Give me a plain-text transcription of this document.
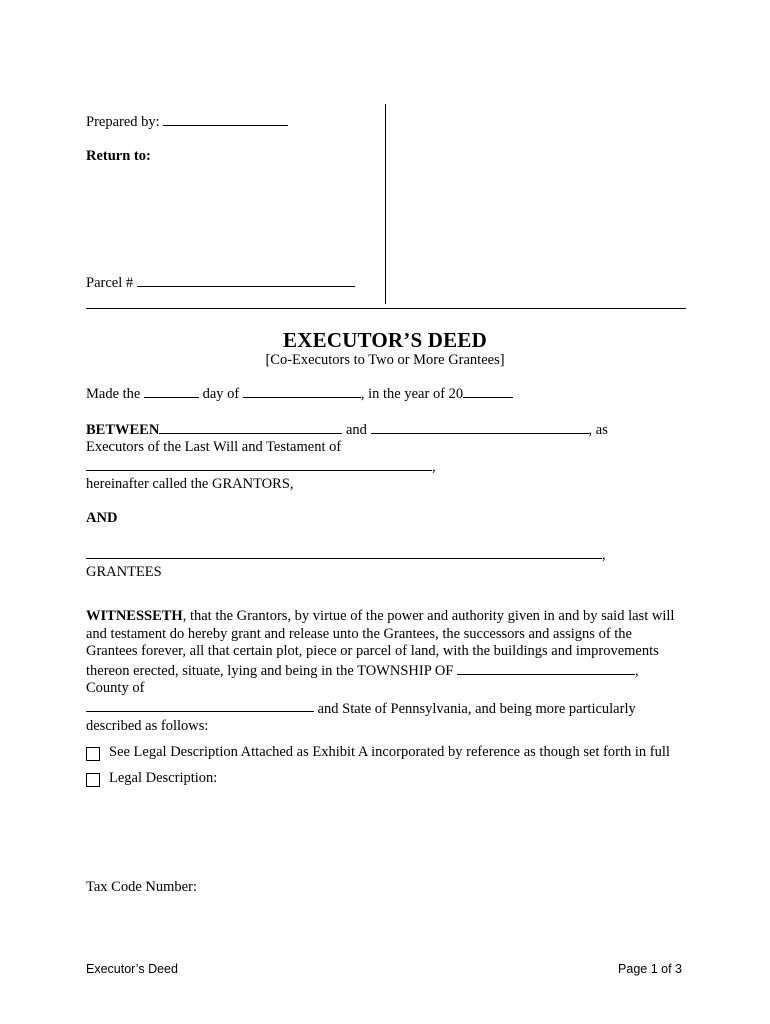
Prepared by:
Return to:
Parcel #
EXECUTOR’S DEED
[Co-Executors to Two or More Grantees]
Made the	day of	, in the year of 20
BETWEEN	and	, as
Executors of the Last Will and Testament of ,
hereinafter called the GRANTORS,
AND
, GRANTEES
WITNESSETH, that the Grantors, by virtue of the power and authority given in and by said last will and testament do hereby grant and release unto the Grantees, the successors and assigns of the Grantees forever, all that certain plot, piece or parcel of land, with the buildings and improvements thereon erected, situate, lying and being in the TOWNSHIP OF	, County of
and State of Pennsylvania, and being more particularly
described as follows:
See Legal Description Attached as Exhibit A incorporated by reference as though set forth in full
Legal Description:
Tax Code Number:
Executor’s Deed	Page 1 of 3
